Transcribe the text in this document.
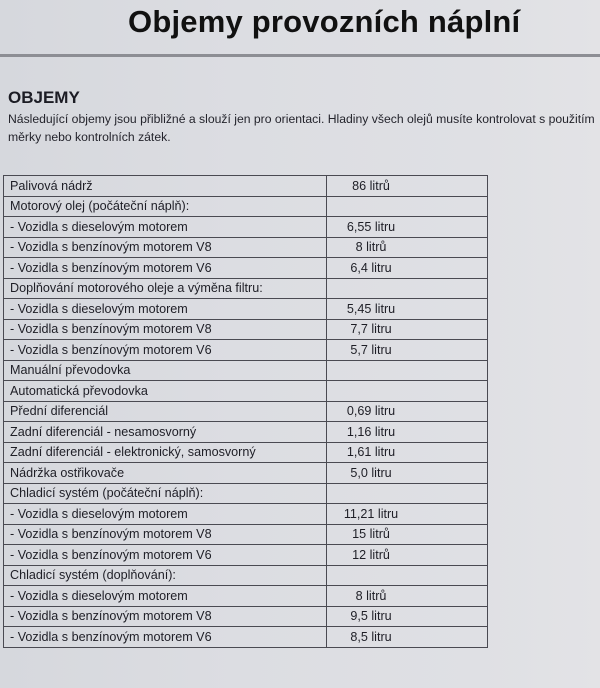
Objemy provozních náplní
OBJEMY
Následující objemy jsou přibližné a slouží jen pro orientaci. Hladiny všech olejů musíte kontrolovat s použitím měrky nebo kontrolních zátek.
Palivová nádrž	86 litrů
Motorový olej (počáteční náplň):	
- Vozidla s dieselovým motorem	6,55 litru
- Vozidla s benzínovým motorem V8	8 litrů
- Vozidla s benzínovým motorem V6	6,4 litru
Doplňování motorového oleje a výměna filtru:	
- Vozidla s dieselovým motorem	5,45 litru
- Vozidla s benzínovým motorem V8	7,7 litru
- Vozidla s benzínovým motorem V6	5,7 litru
Manuální převodovka	
Automatická převodovka	
Přední diferenciál	0,69 litru
Zadní diferenciál - nesamosvorný	1,16 litru
Zadní diferenciál - elektronický, samosvorný	1,61 litru
Nádržka ostřikovače	5,0 litru
Chladicí systém (počáteční náplň):	
- Vozidla s dieselovým motorem	11,21 litru
- Vozidla s benzínovým motorem V8	15 litrů
- Vozidla s benzínovým motorem V6	12 litrů
Chladicí systém (doplňování):	
- Vozidla s dieselovým motorem	8 litrů
- Vozidla s benzínovým motorem V8	9,5 litru
- Vozidla s benzínovým motorem V6	8,5 litru
